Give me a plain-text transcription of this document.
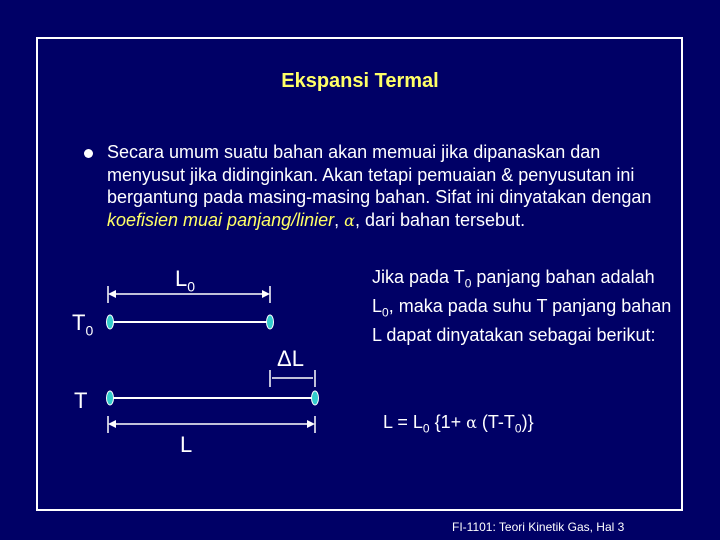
Ekspansi Termal
Secara umum suatu bahan akan memuai jika dipanaskan dan menyusut jika didinginkan. Akan tetapi pemuaian & penyusutan ini bergantung pada masing-masing bahan. Sifat ini dinyatakan dengan koefisien muai panjang/linier, α, dari bahan tersebut.
$L_0$
$T_0$
ΔL
T
L
Jika pada $T_0$ panjang bahan adalah $L_0$, maka pada suhu T panjang bahan L dapat dinyatakan sebagai berikut:
$L = L_0$ {1+ α $(T-T_0)$}
FI-1101: Teori Kinetik Gas, Hal 3
